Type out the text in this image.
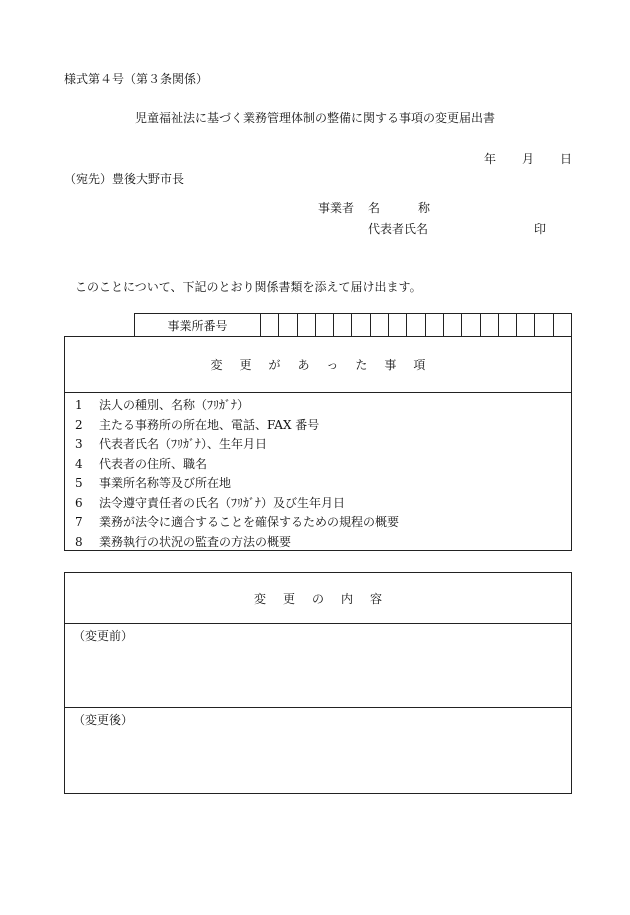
様式第４号（第３条関係）
児童福祉法に基づく業務管理体制の整備に関する事項の変更届出書
年 月 日
（宛先）豊後大野市長
事業者 名	称
代表者氏名	印
このことについて、下記のとおり関係書類を添えて届け出ます。
事業所番号
変更があった事項
1 法人の種別、名称（ﾌﾘｶﾞﾅ）
2 主たる事務所の所在地、電話、FAX 番号
3 代表者氏名（ﾌﾘｶﾞﾅ）、生年月日
4 代表者の住所、職名
5 事業所名称等及び所在地
6 法令遵守責任者の氏名（ﾌﾘｶﾞﾅ）及び生年月日
7 業務が法令に適合することを確保するための規程の概要
8 業務執行の状況の監査の方法の概要
変更の内容
（変更前）
（変更後）
